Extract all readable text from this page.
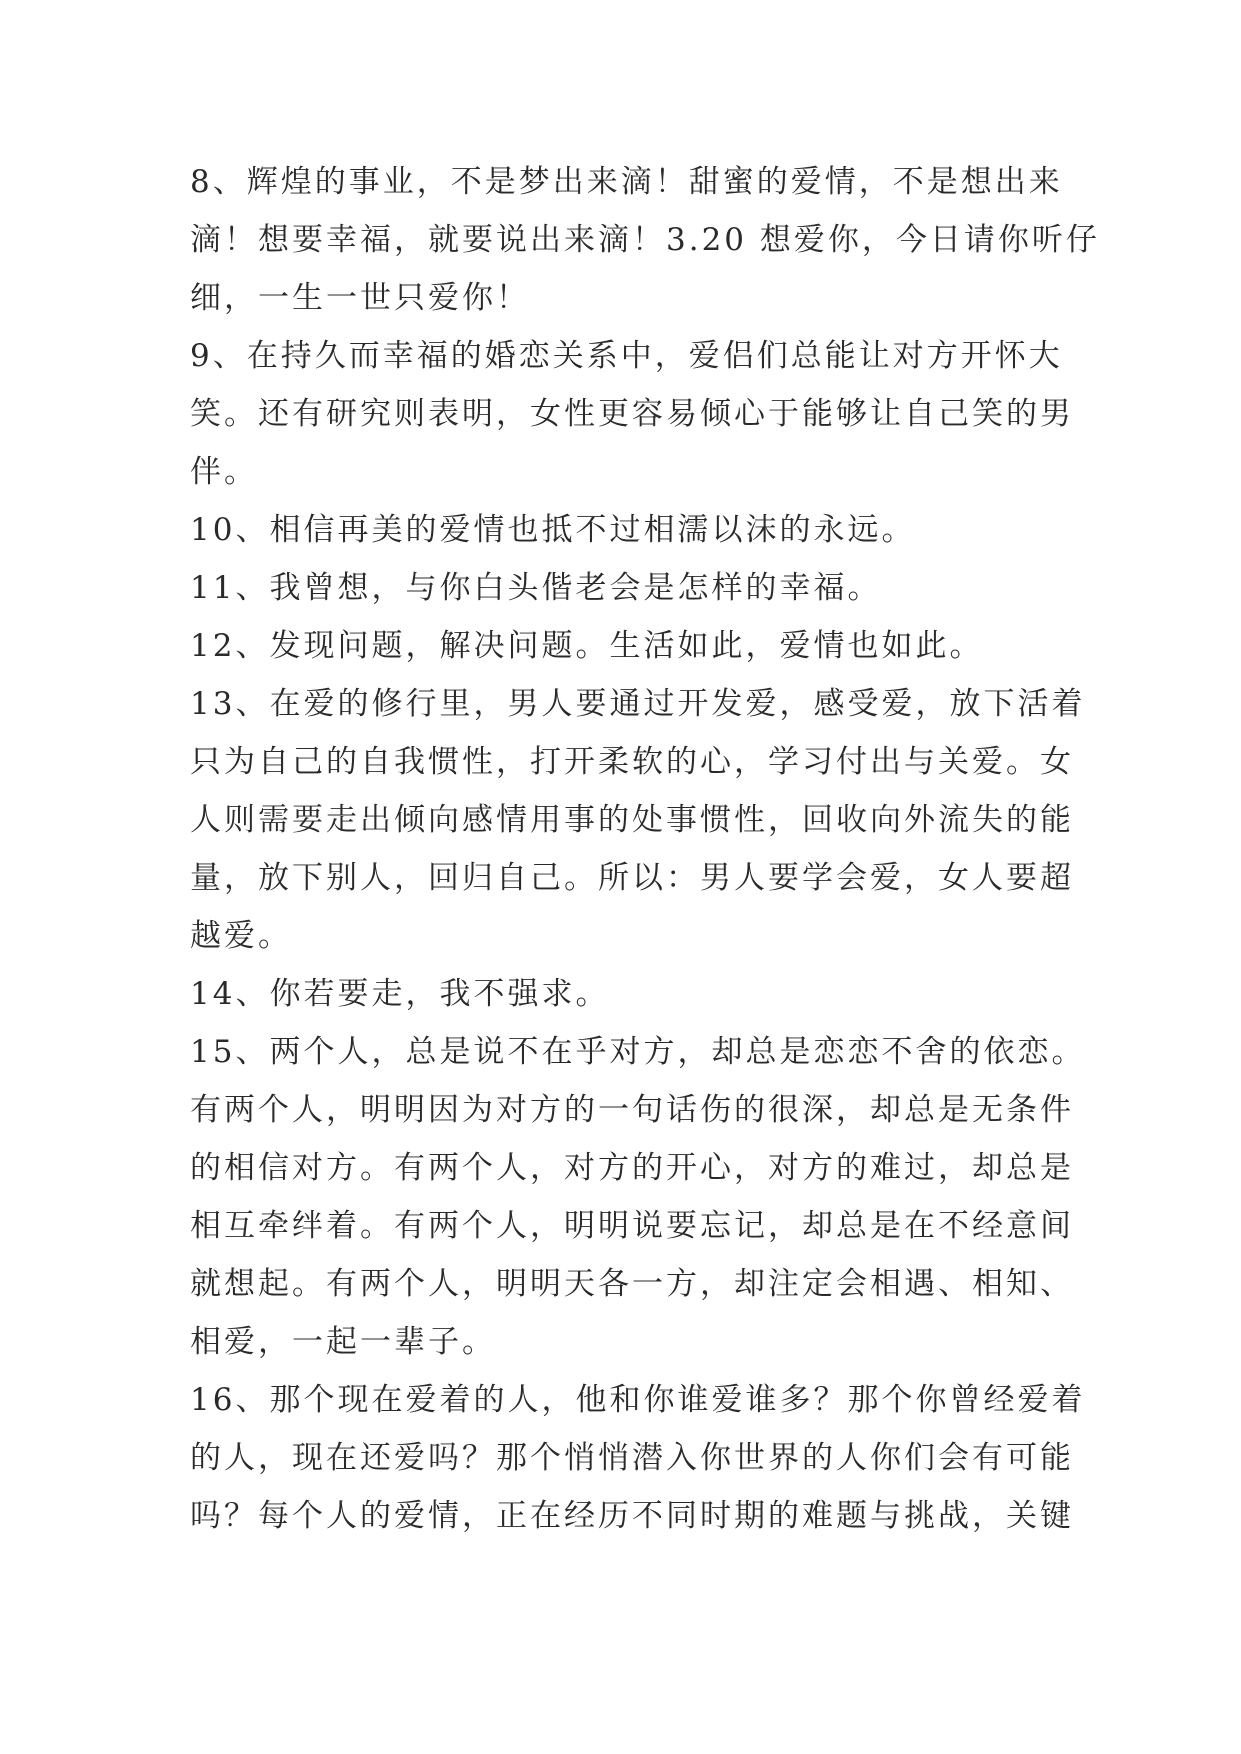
8、辉煌的事业，不是梦出来滴！甜蜜的爱情，不是想出来
滴！想要幸福，就要说出来滴！3.20 想爱你，今日请你听仔
细，一生一世只爱你！
9、在持久而幸福的婚恋关系中，爱侣们总能让对方开怀大
笑。还有研究则表明，女性更容易倾心于能够让自己笑的男
伴。
10、相信再美的爱情也抵不过相濡以沫的永远。
11、我曾想，与你白头偕老会是怎样的幸福。
12、发现问题，解决问题。生活如此，爱情也如此。
13、在爱的修行里，男人要通过开发爱，感受爱，放下活着
只为自己的自我惯性，打开柔软的心，学习付出与关爱。女
人则需要走出倾向感情用事的处事惯性，回收向外流失的能
量，放下别人，回归自己。所以：男人要学会爱，女人要超
越爱。
14、你若要走，我不强求。
15、两个人，总是说不在乎对方，却总是恋恋不舍的依恋。
有两个人，明明因为对方的一句话伤的很深，却总是无条件
的相信对方。有两个人，对方的开心，对方的难过，却总是
相互牵绊着。有两个人，明明说要忘记，却总是在不经意间
就想起。有两个人，明明天各一方，却注定会相遇、相知、
相爱，一起一辈子。
16、那个现在爱着的人，他和你谁爱谁多？那个你曾经爱着
的人，现在还爱吗？那个悄悄潜入你世界的人你们会有可能
吗？每个人的爱情，正在经历不同时期的难题与挑战，关键
